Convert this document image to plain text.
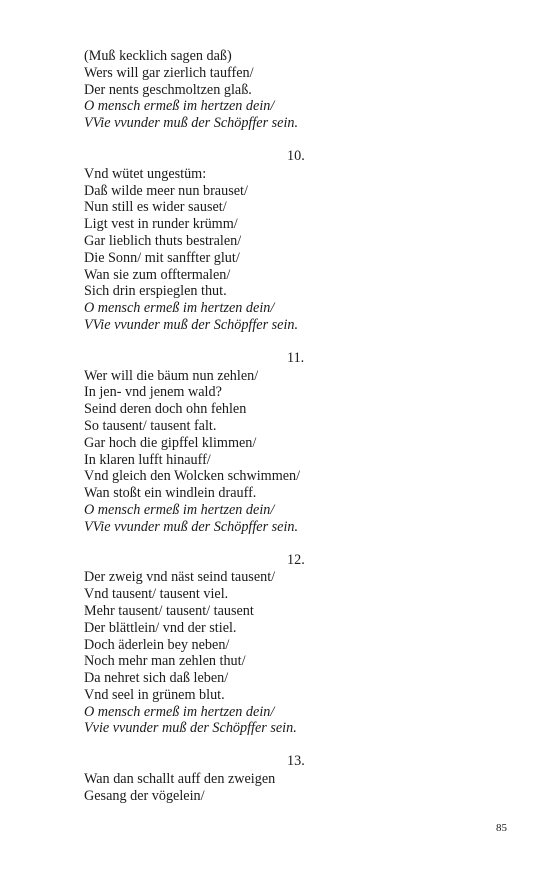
(Muß kecklich sagen daß)
Wers will gar zierlich tauffen/
Der nents geschmoltzen glaß.
O mensch ermeß im hertzen dein/
VVie vvunder muß der Schöpffer sein.
10.
Vnd wütet ungestüm:
Daß wilde meer nun brauset/
Nun still es wider sauset/
Ligt vest in runder krümm/
Gar lieblich thuts bestralen/
Die Sonn/ mit sanffter glut/
Wan sie zum offtermalen/
Sich drin erspieglen thut.
O mensch ermeß im hertzen dein/
VVie vvunder muß der Schöpffer sein.
11.
Wer will die bäum nun zehlen/
In jen- vnd jenem wald?
Seind deren doch ohn fehlen
So tausent/ tausent falt.
Gar hoch die gipffel klimmen/
In klaren lufft hinauff/
Vnd gleich den Wolcken schwimmen/
Wan stoßt ein windlein drauff.
O mensch ermeß im hertzen dein/
VVie vvunder muß der Schöpffer sein.
12.
Der zweig vnd näst seind tausent/
Vnd tausent/ tausent viel.
Mehr tausent/ tausent/ tausent
Der blättlein/ vnd der stiel.
Doch äderlein bey neben/
Noch mehr man zehlen thut/
Da nehret sich daß leben/
Vnd seel in grünem blut.
O mensch ermeß im hertzen dein/
Vvie vvunder muß der Schöpffer sein.
13.
Wan dan schallt auff den zweigen
Gesang der vögelein/
85
